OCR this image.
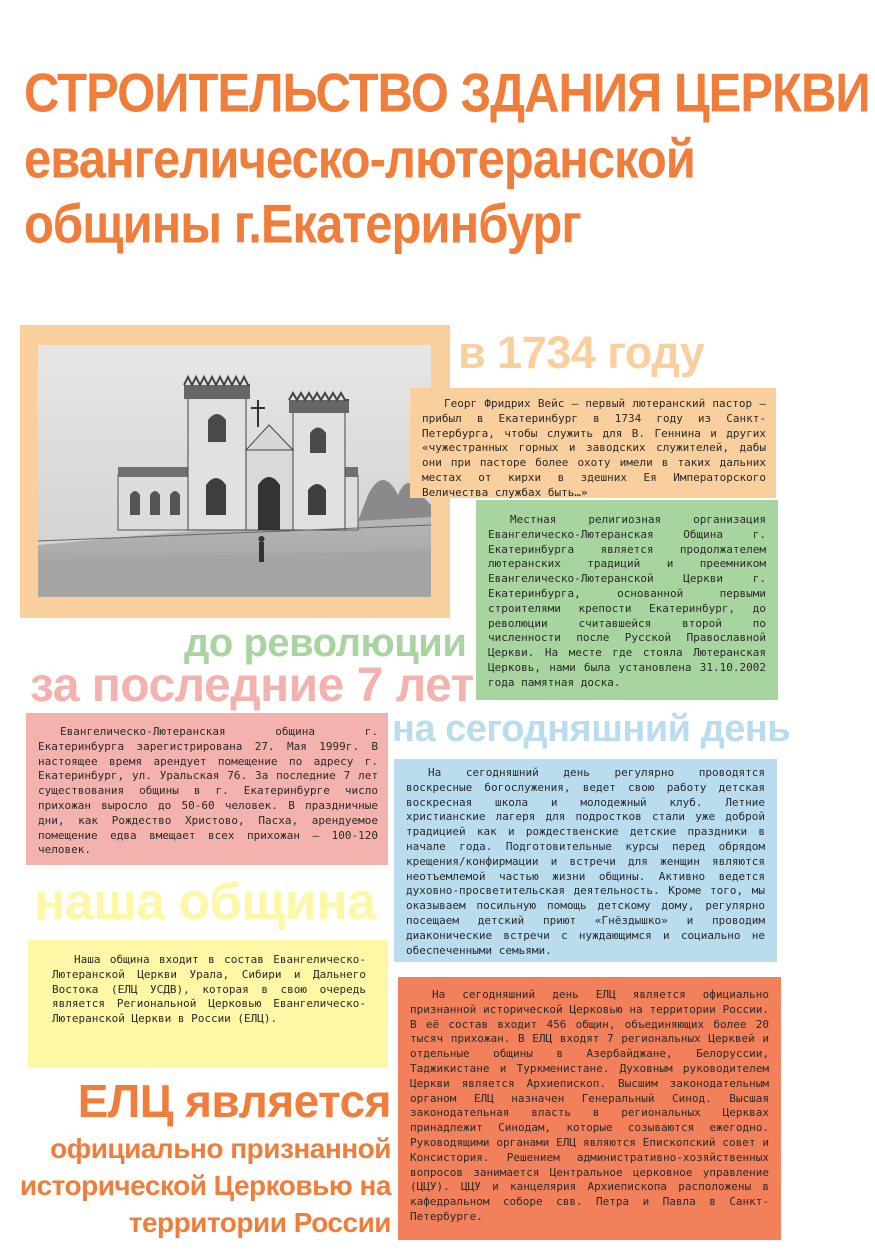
СТРОИТЕЛЬСТВО ЗДАНИЯ ЦЕРКВИ
евангелическо-лютеранской
общины г.Екатеринбург
в 1734 году
Георг Фридрих Вейс – первый лютеранский пастор – прибыл в Екатеринбург в 1734 году из Санкт-Петербурга, чтобы служить для В. Геннина и других «чужестранных горных и заводских служителей, дабы они при пасторе более охоту имели в таких дальних местах от кирхи в здешних Ея Императорского Величества службах быть…»
Местная религиозная организация Евангелическо-Лютеранская Община г. Екатеринбурга является продолжателем лютеранских традиций и преемником Евангелическо-Лютеранской Церкви г. Екатеринбурга, основанной первыми строителями крепости Екатеринбург, до революции считавшейся второй по численности после Русской Православной Церкви. На месте где стояла Лютеранская Церковь, нами была установлена 31.10.2002 года памятная доска.
до революции
за последние 7 лет
Евангелическо-Лютеранская община г. Екатеринбурга зарегистрирована 27. Мая 1999г. В настоящее время арендует помещение по адресу г. Екатеринбург, ул. Уральская 76. За последние 7 лет существования общины в г. Екатеринбурге число прихожан выросло до 50-60 человек. В праздничные дни, как Рождество Христово, Пасха, арендуемое помещение едва вмещает всех прихожан – 100-120 человек.
на сегодняшний день
На сегодняшний день регулярно проводятся воскресные богослужения, ведет свою работу детская воскресная школа и молодежный клуб. Летние христианские лагеря для подростков стали уже доброй традицией как и рождественские детские праздники в начале года. Подготовительные курсы перед обрядом крещения/конфирмации и встречи для женщин являются неотъемлемой частью жизни общины. Активно ведется духовно-просветительская деятельность. Кроме того, мы оказываем посильную помощь детскому дому, регулярно посещаем детский приют «Гнёздышко» и проводим диаконические встречи с нуждающимся и социально не обеспеченными семьями.
наша община
Наша община входит в состав Евангелическо-Лютеранской Церкви Урала, Сибири и Дальнего Востока (ЕЛЦ УСДВ), которая в свою очередь является Региональной Церковью Евангелическо-Лютеранской Церкви в России (ЕЛЦ).
На сегодняшний день ЕЛЦ является официально признанной исторической Церковью на территории России. В её состав входит 456 общин, объединяющих более 20 тысяч прихожан. В ЕЛЦ входят 7 региональных Церквей и отдельные общины в Азербайджане, Белоруссии, Таджикистане и Туркменистане. Духовным руководителем Церкви является Архиепископ. Высшим законодательным органом ЕЛЦ назначен Генеральный Синод. Высшая законодательная власть в региональных Церквах принадлежит Синодам, которые созываются ежегодно. Руководящими органами ЕЛЦ являются Епископский совет и Консистория. Решением административно-хозяйственных вопросов занимается Центральное церковное управление (ЦЦУ). ЦЦУ и канцелярия Архиепископа расположены в кафедральном соборе свв. Петра и Павла в Санкт-Петербурге.
ЕЛЦ является
официально признанной
исторической Церковью на
территории России
